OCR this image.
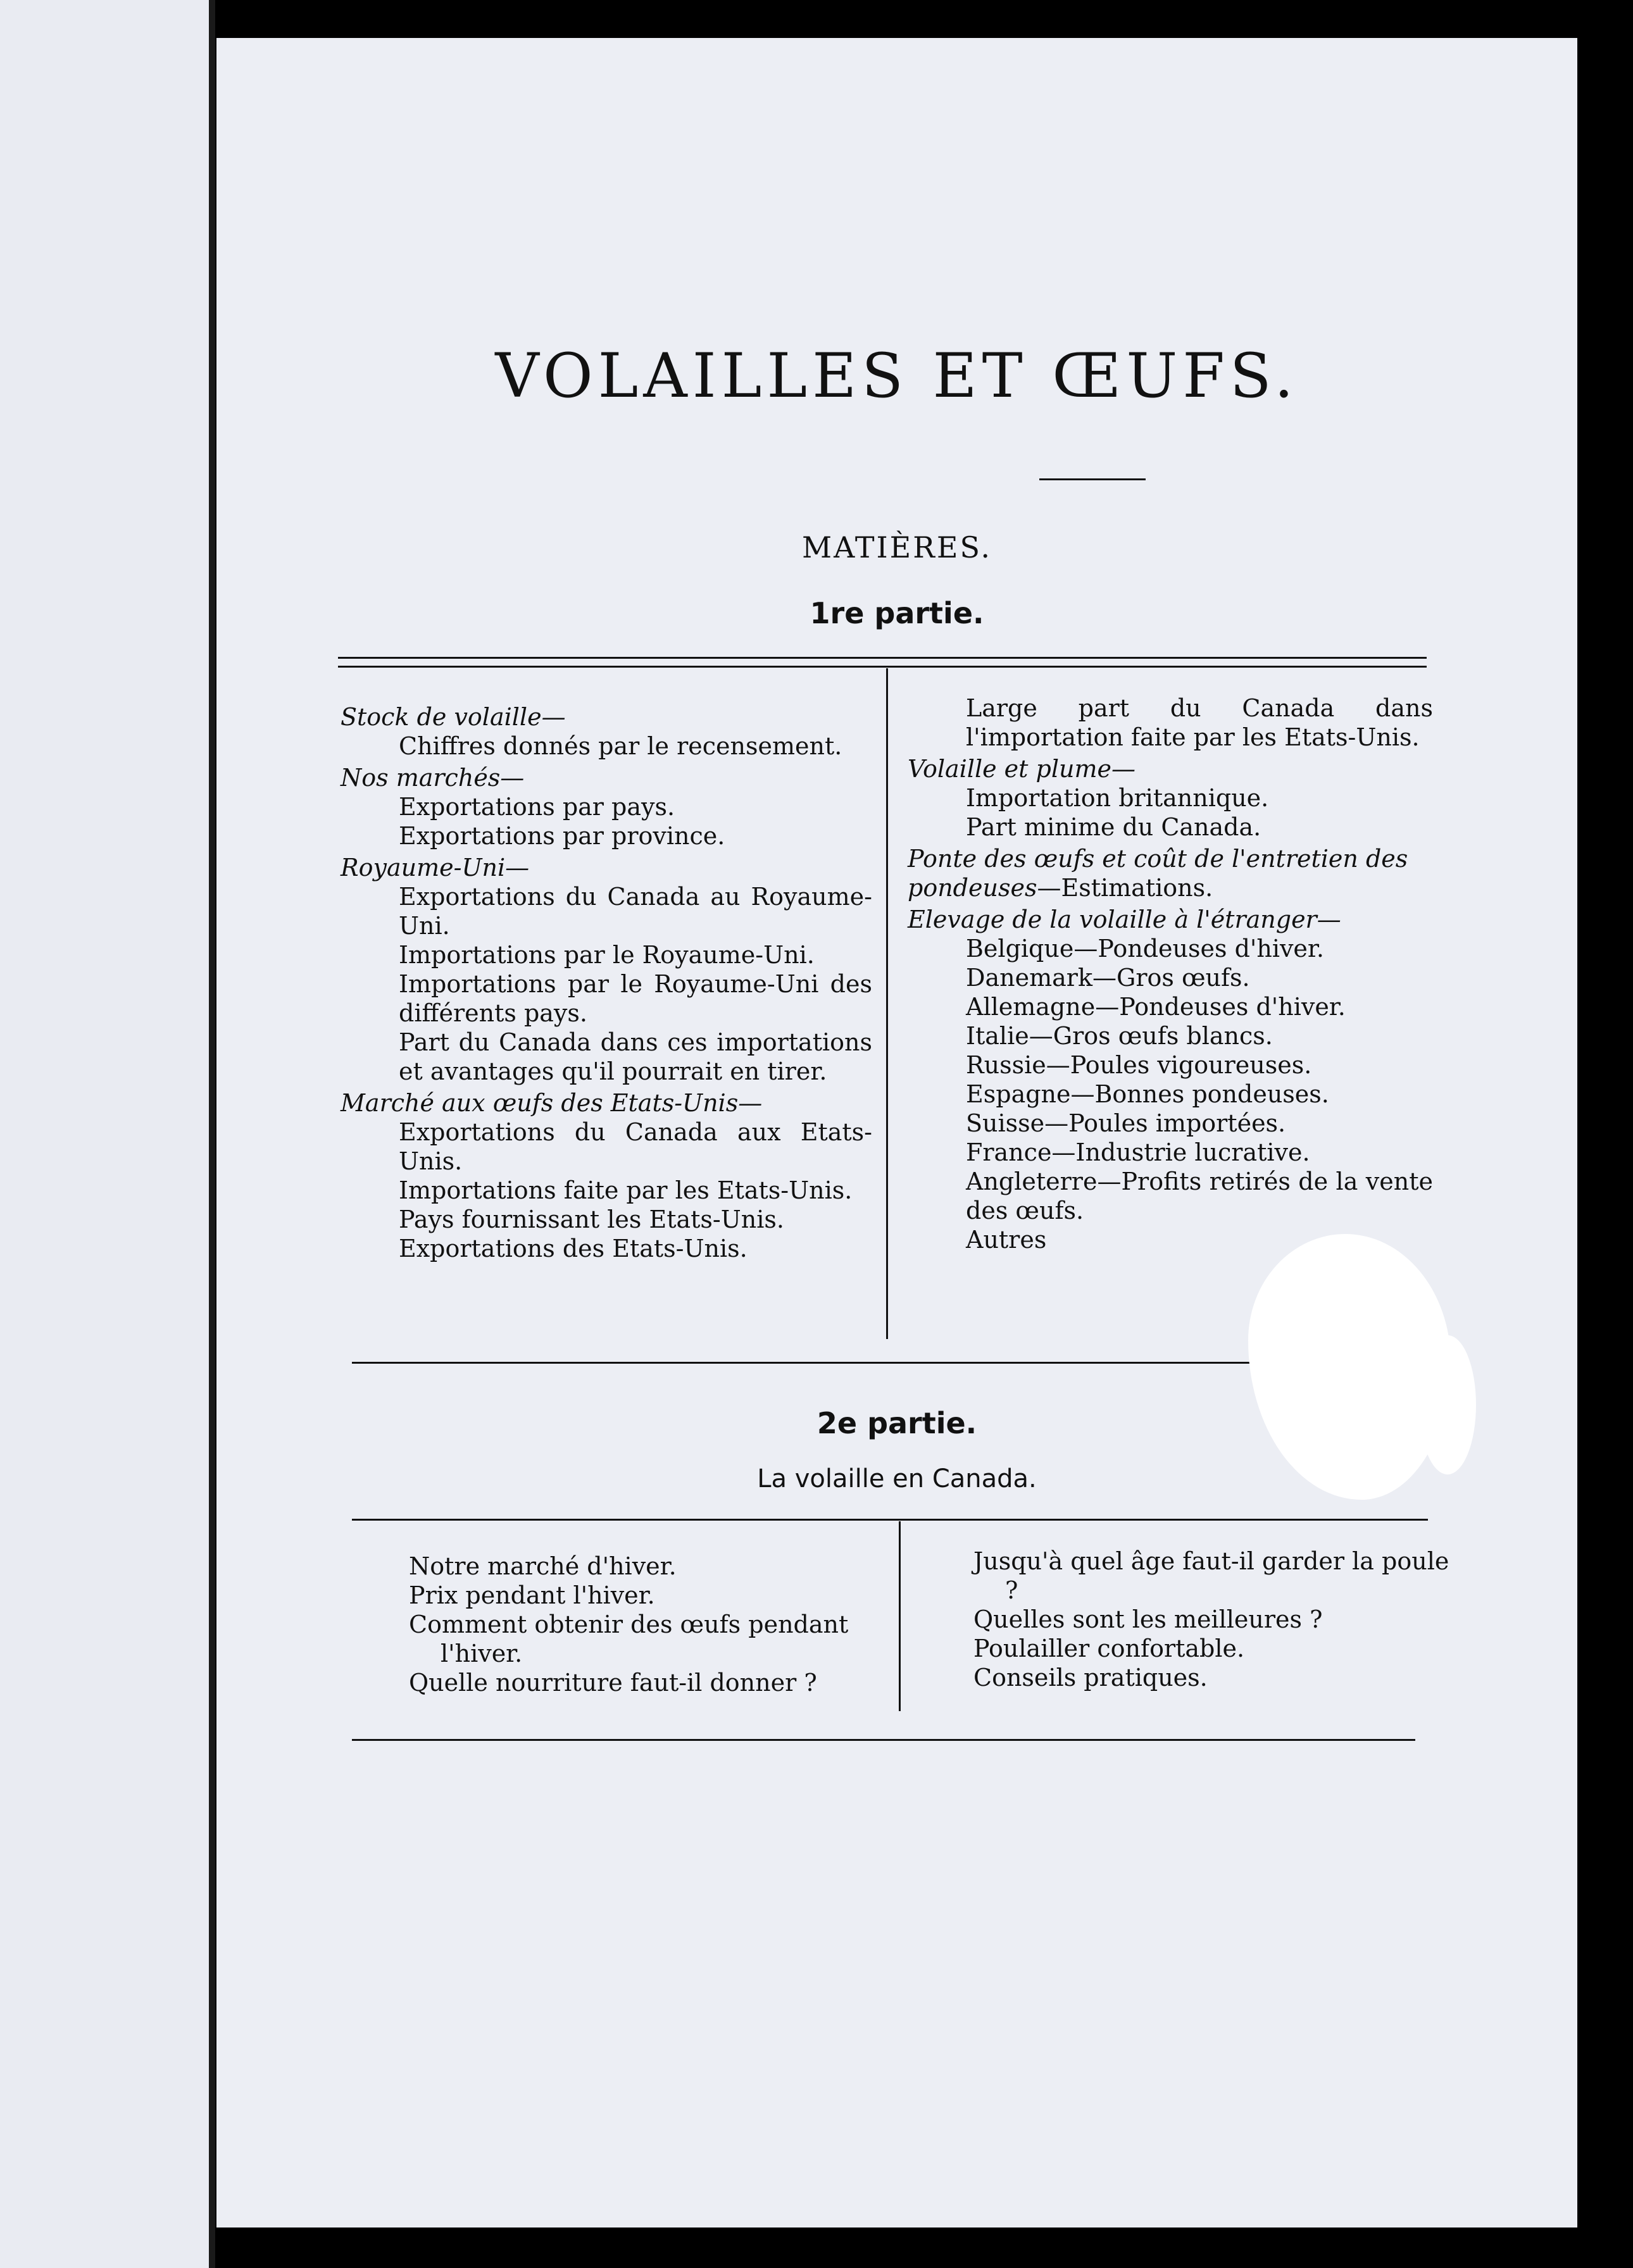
VOLAILLES ET ŒUFS.
MATIÈRES.
1re partie.
Stock de volaille—
Chiffres donnés par le recensement.
Nos marchés—
Exportations par pays.
Exportations par province.
Royaume-Uni—
Exportations du Canada au Royaume-Uni.
Importations par le Royaume-Uni.
Importations par le Royaume-Uni des différents pays.
Part du Canada dans ces importations et avantages qu'il pourrait en tirer.
Marché aux œufs des Etats-Unis—
Exportations du Canada aux Etats-Unis.
Importations faite par les Etats-Unis.
Pays fournissant les Etats-Unis.
Exportations des Etats-Unis.
Large part du Canada dans l'importation faite par les Etats-Unis.
Volaille et plume—
Importation britannique.
Part minime du Canada.
Ponte des œufs et coût de l'entretien des pondeuses—Estimations.
Elevage de la volaille à l'étranger—
Belgique—Pondeuses d'hiver.
Danemark—Gros œufs.
Allemagne—Pondeuses d'hiver.
Italie—Gros œufs blancs.
Russie—Poules vigoureuses.
Espagne—Bonnes pondeuses.
Suisse—Poules importées.
France—Industrie lucrative.
Angleterre—Profits retirés de la vente des œufs.
Autres
2e partie.
La volaille en Canada.
Notre marché d'hiver.
Prix pendant l'hiver.
Comment obtenir des œufs pendant l'hiver.
Quelle nourriture faut-il donner ?
Jusqu'à quel âge faut-il garder la poule ?
Quelles sont les meilleures ?
Poulailler confortable.
Conseils pratiques.
